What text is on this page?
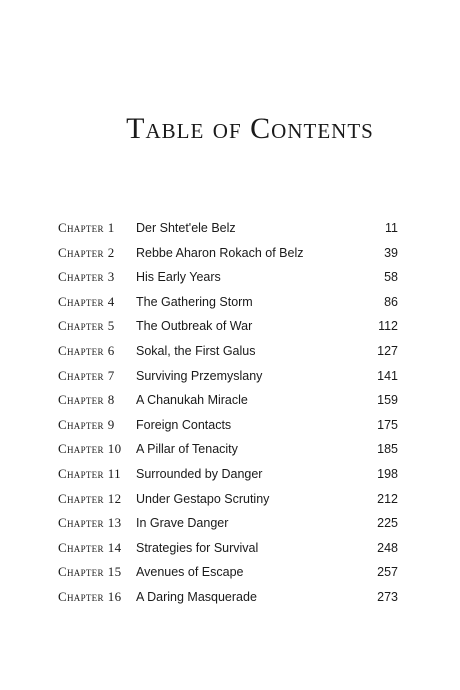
Table of Contents
Chapter 1	Der Shtet'ele Belz	11
Chapter 2	Rebbe Aharon Rokach of Belz	39
Chapter 3	His Early Years	58
Chapter 4	The Gathering Storm	86
Chapter 5	The Outbreak of War	112
Chapter 6	Sokal, the First Galus	127
Chapter 7	Surviving Przemyslany	141
Chapter 8	A Chanukah Miracle	159
Chapter 9	Foreign Contacts	175
Chapter 10	A Pillar of Tenacity	185
Chapter 11	Surrounded by Danger	198
Chapter 12	Under Gestapo Scrutiny	212
Chapter 13	In Grave Danger	225
Chapter 14	Strategies for Survival	248
Chapter 15	Avenues of Escape	257
Chapter 16	A Daring Masquerade	273
